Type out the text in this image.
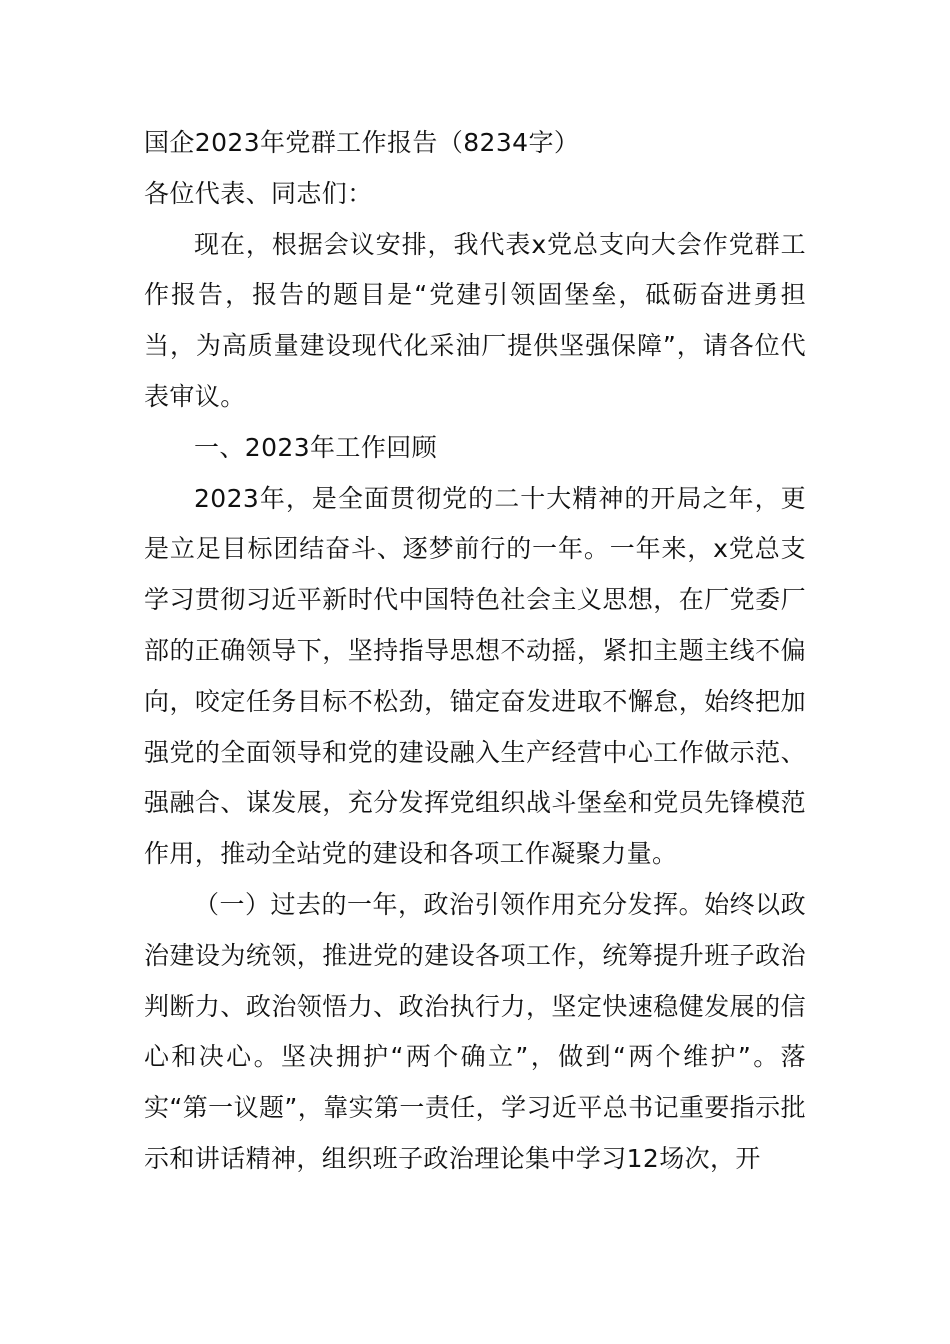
国企2023年党群工作报告（8234字）

各位代表、同志们：

现在，根据会议安排，我代表x党总支向大会作党群工作报告，报告的题目是“党建引领固堡垒，砥砺奋进勇担当，为高质量建设现代化采油厂提供坚强保障”，请各位代表审议。

一、2023年工作回顾

2023年，是全面贯彻党的二十大精神的开局之年，更是立足目标团结奋斗、逐梦前行的一年。一年来，x党总支学习贯彻习近平新时代中国特色社会主义思想，在厂党委厂部的正确领导下，坚持指导思想不动摇，紧扣主题主线不偏向，咬定任务目标不松劲，锚定奋发进取不懈怠，始终把加强党的全面领导和党的建设融入生产经营中心工作做示范、强融合、谋发展，充分发挥党组织战斗堡垒和党员先锋模范作用，推动全站党的建设和各项工作凝聚力量。

（一）过去的一年，政治引领作用充分发挥。始终以政治建设为统领，推进党的建设各项工作，统筹提升班子政治判断力、政治领悟力、政治执行力，坚定快速稳健发展的信心和决心。坚决拥护“两个确立”，做到“两个维护”。落实“第一议题”，靠实第一责任，学习近平总书记重要指示批示和讲话精神，组织班子政治理论集中学习12场次，开
